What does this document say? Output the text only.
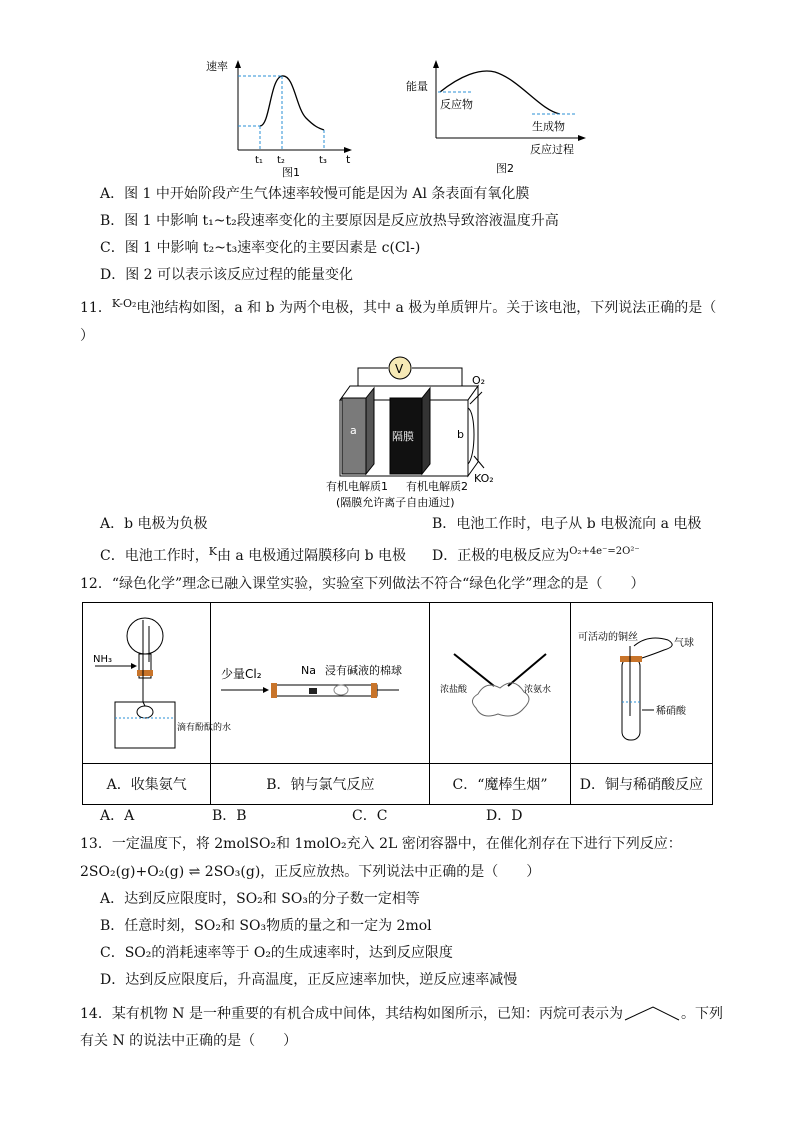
速率
t₁ t₂	t₃ t
图1
能量
反应物
生成物
反应过程
图2
A．图 1 中开始阶段产生气体速率较慢可能是因为 Al 条表面有氧化膜
B．图 1 中影响 t₁~t₂段速率变化的主要原因是反应放热导致溶液温度升高
C．图 1 中影响 t₂~t₃速率变化的主要因素是 c(Cl-)
D．图 2 可以表示该反应过程的能量变化
11．$^{K-O_2}$电池结构如图，a 和 b 为两个电极，其中 a 极为单质钾片。关于该电池，下列说法正确的是（
）
V
a	隔膜	b
O₂
KO₂
有机电解质1 有机电解质2
(隔膜允许离子自由通过)
A．b 电极为负极	B．电池工作时，电子从 b 电极流向 a 电极
C．电池工作时，$^K$由 a 电极通过隔膜移向 b 电极 D．正极的电极反应为$^{O_2+4e^-=2O^{2-}}$
12．“绿色化学”理念已融入课堂实验，实验室下列做法不符合“绿色化学”理念的是（　　）
NH₃
滴有酚酞的水	少量Cl₂ Na 浸有碱液的棉球	浓盐酸 浓氨水	可活动的铜丝
气球
稀硝酸

A．收集氨气	B．钠与氯气反应	C．“魔棒生烟”	D．铜与稀硝酸反应
A．A	B．B	C．C	D．D
13．一定温度下，将 2molSO₂和 1molO₂充入 2L 密闭容器中，在催化剂存在下进行下列反应：
2SO₂(g)+O₂(g) ⇌ 2SO₃(g)，正反应放热。下列说法中正确的是（　　）
A．达到反应限度时，SO₂和 SO₃的分子数一定相等
B．任意时刻，SO₂和 SO₃物质的量之和一定为 2mol
C．SO₂的消耗速率等于 O₂的生成速率时，达到反应限度
D．达到反应限度后，升高温度，正反应速率加快，逆反应速率减慢
14．某有机物 N 是一种重要的有机合成中间体，其结构如图所示，已知：丙烷可表示为	。下列
有关 N 的说法中正确的是（　　）
